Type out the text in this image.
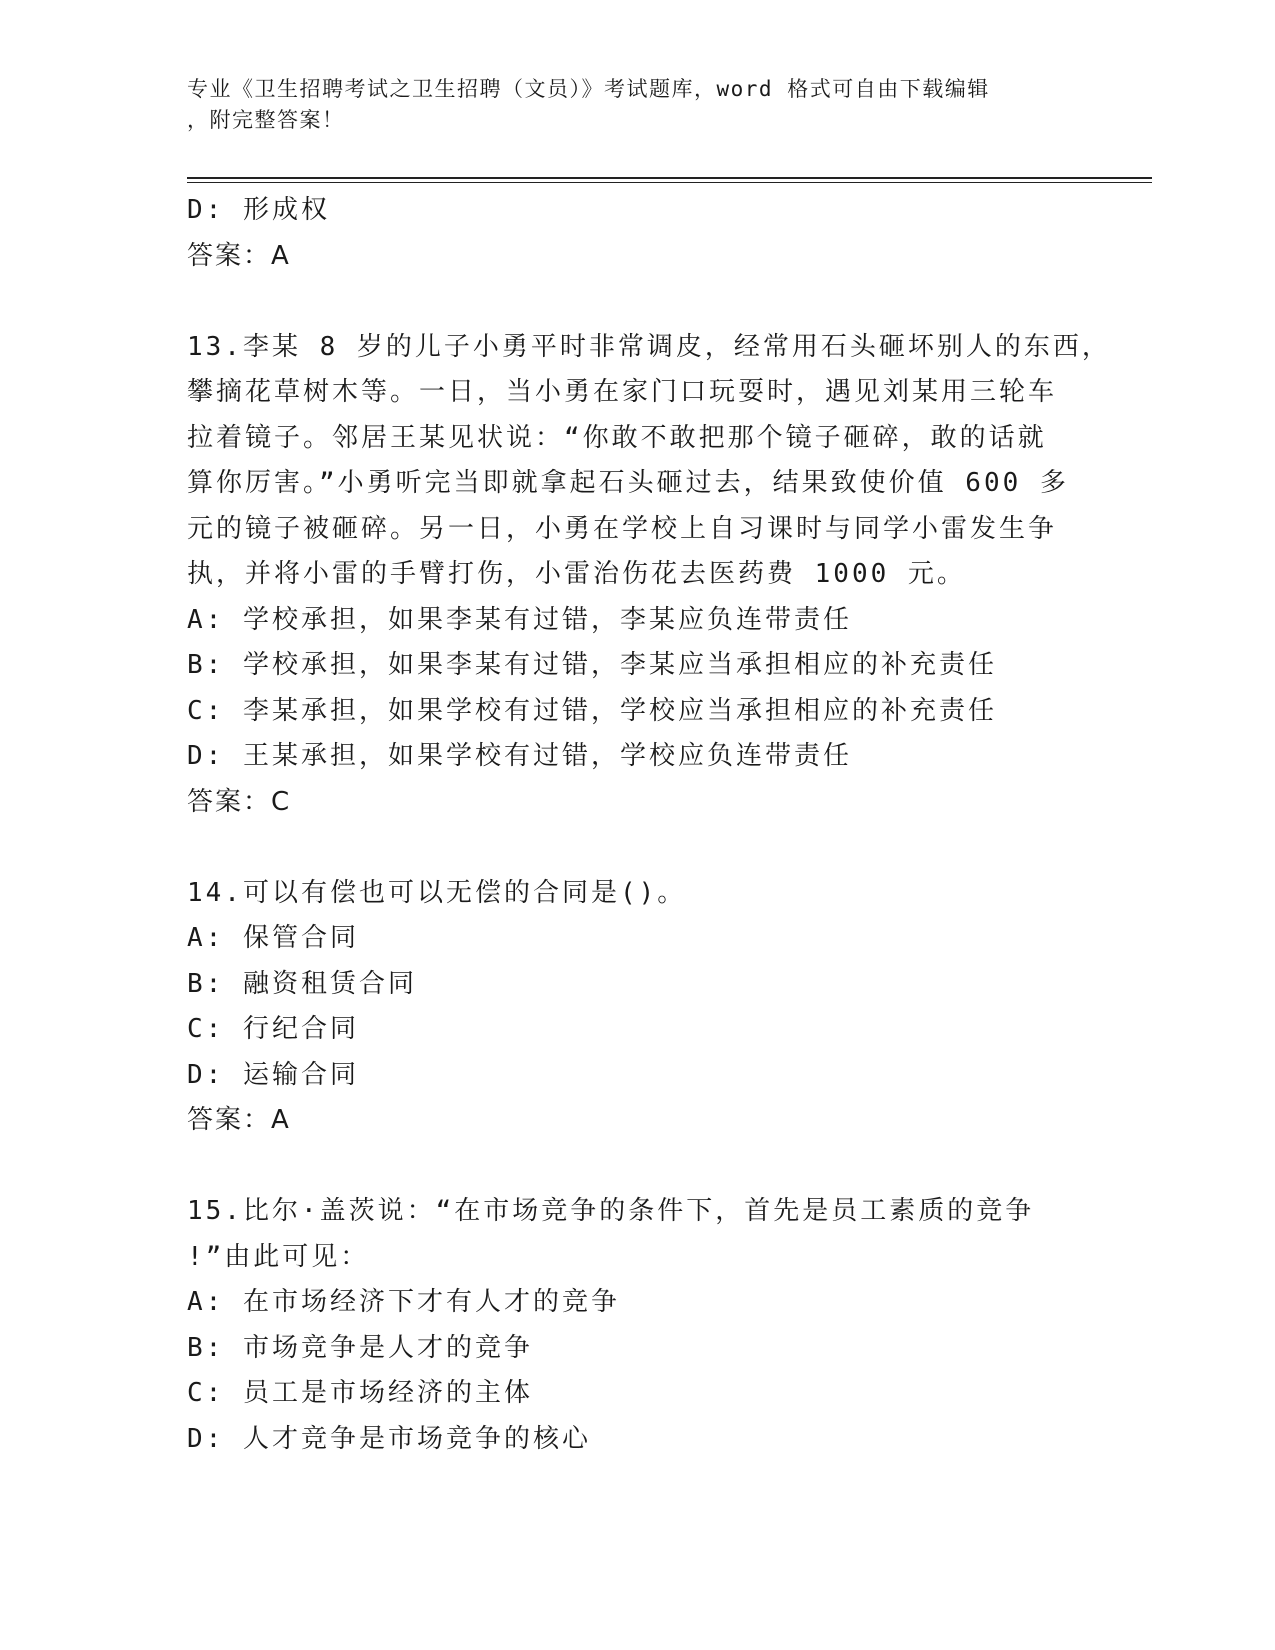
专业《卫生招聘考试之卫生招聘（文员）》考试题库，word 格式可自由下载编辑
，附完整答案！
D: 形成权
答案：A
13.李某 8 岁的儿子小勇平时非常调皮，经常用石头砸坏别人的东西，
攀摘花草树木等。一日，当小勇在家门口玩耍时，遇见刘某用三轮车
拉着镜子。邻居王某见状说：“你敢不敢把那个镜子砸碎，敢的话就
算你厉害。”小勇听完当即就拿起石头砸过去，结果致使价值 600 多
元的镜子被砸碎。另一日，小勇在学校上自习课时与同学小雷发生争
执，并将小雷的手臂打伤，小雷治伤花去医药费 1000 元。
A: 学校承担，如果李某有过错，李某应负连带责任
B: 学校承担，如果李某有过错，李某应当承担相应的补充责任
C: 李某承担，如果学校有过错，学校应当承担相应的补充责任
D: 王某承担，如果学校有过错，学校应负连带责任
答案：C
14.可以有偿也可以无偿的合同是()。
A: 保管合同
B: 融资租赁合同
C: 行纪合同
D: 运输合同
答案：A
15.比尔·盖茨说：“在市场竞争的条件下，首先是员工素质的竞争
!”由此可见：
A: 在市场经济下才有人才的竞争
B: 市场竞争是人才的竞争
C: 员工是市场经济的主体
D: 人才竞争是市场竞争的核心
